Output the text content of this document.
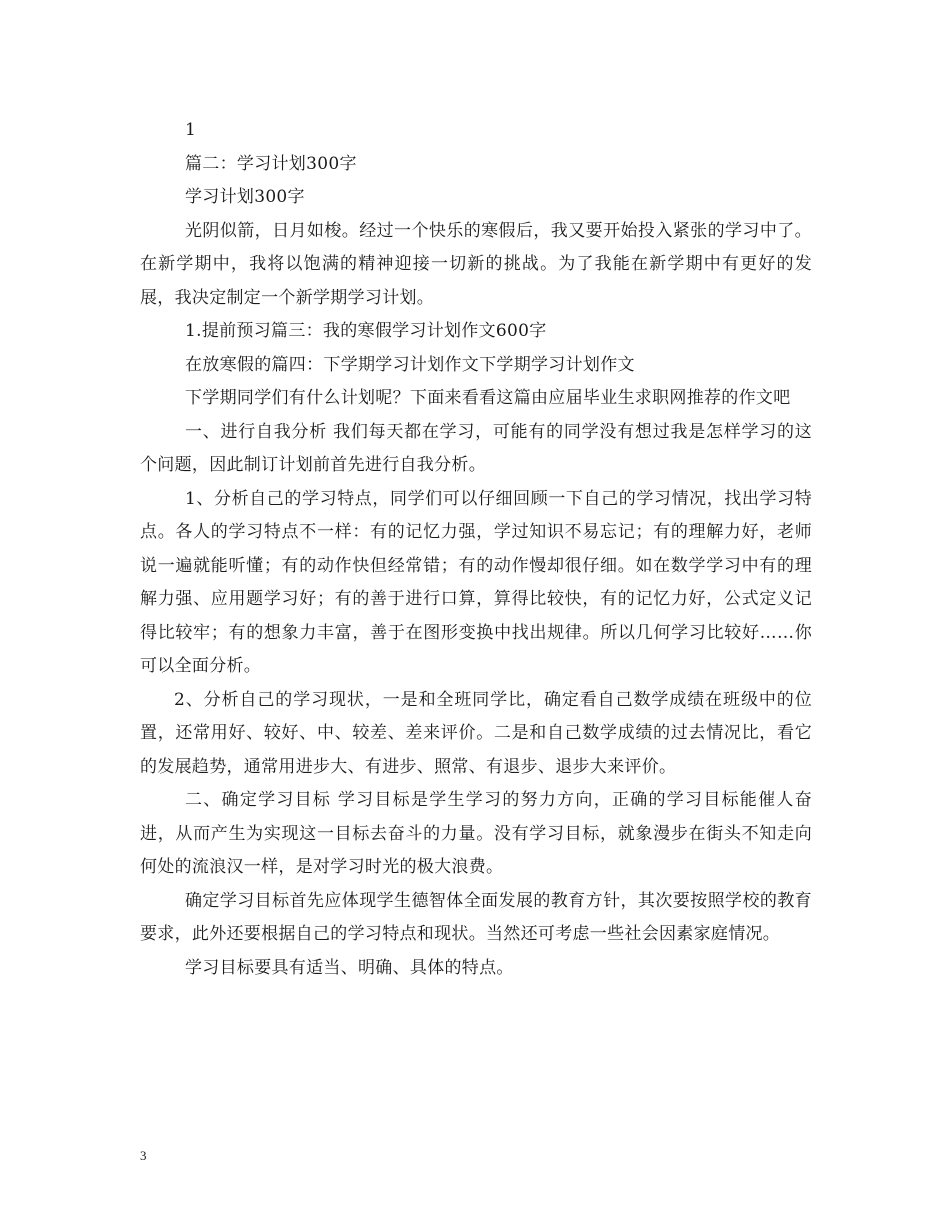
1

篇二：学习计划300字

学习计划300字

光阴似箭，日月如梭。经过一个快乐的寒假后，我又要开始投入紧张的学习中了。在新学期中，我将以饱满的精神迎接一切新的挑战。为了我能在新学期中有更好的发展，我决定制定一个新学期学习计划。

1.提前预习篇三：我的寒假学习计划作文600字

在放寒假的篇四：下学期学习计划作文下学期学习计划作文

下学期同学们有什么计划呢？下面来看看这篇由应届毕业生求职网推荐的作文吧

一、进行自我分析 我们每天都在学习，可能有的同学没有想过我是怎样学习的这个问题，因此制订计划前首先进行自我分析。

1、分析自己的学习特点，同学们可以仔细回顾一下自己的学习情况，找出学习特点。各人的学习特点不一样：有的记忆力强，学过知识不易忘记；有的理解力好，老师说一遍就能听懂；有的动作快但经常错；有的动作慢却很仔细。如在数学学习中有的理解力强、应用题学习好；有的善于进行口算，算得比较快，有的记忆力好，公式定义记得比较牢；有的想象力丰富，善于在图形变换中找出规律。所以几何学习比较好……你可以全面分析。

2、分析自己的学习现状，一是和全班同学比，确定看自己数学成绩在班级中的位置，还常用好、较好、中、较差、差来评价。二是和自己数学成绩的过去情况比，看它的发展趋势，通常用进步大、有进步、照常、有退步、退步大来评价。

二、确定学习目标 学习目标是学生学习的努力方向，正确的学习目标能催人奋进，从而产生为实现这一目标去奋斗的力量。没有学习目标，就象漫步在街头不知走向何处的流浪汉一样，是对学习时光的极大浪费。

确定学习目标首先应体现学生德智体全面发展的教育方针，其次要按照学校的教育要求，此外还要根据自己的学习特点和现状。当然还可考虑一些社会因素家庭情况。

学习目标要具有适当、明确、具体的特点。

3
